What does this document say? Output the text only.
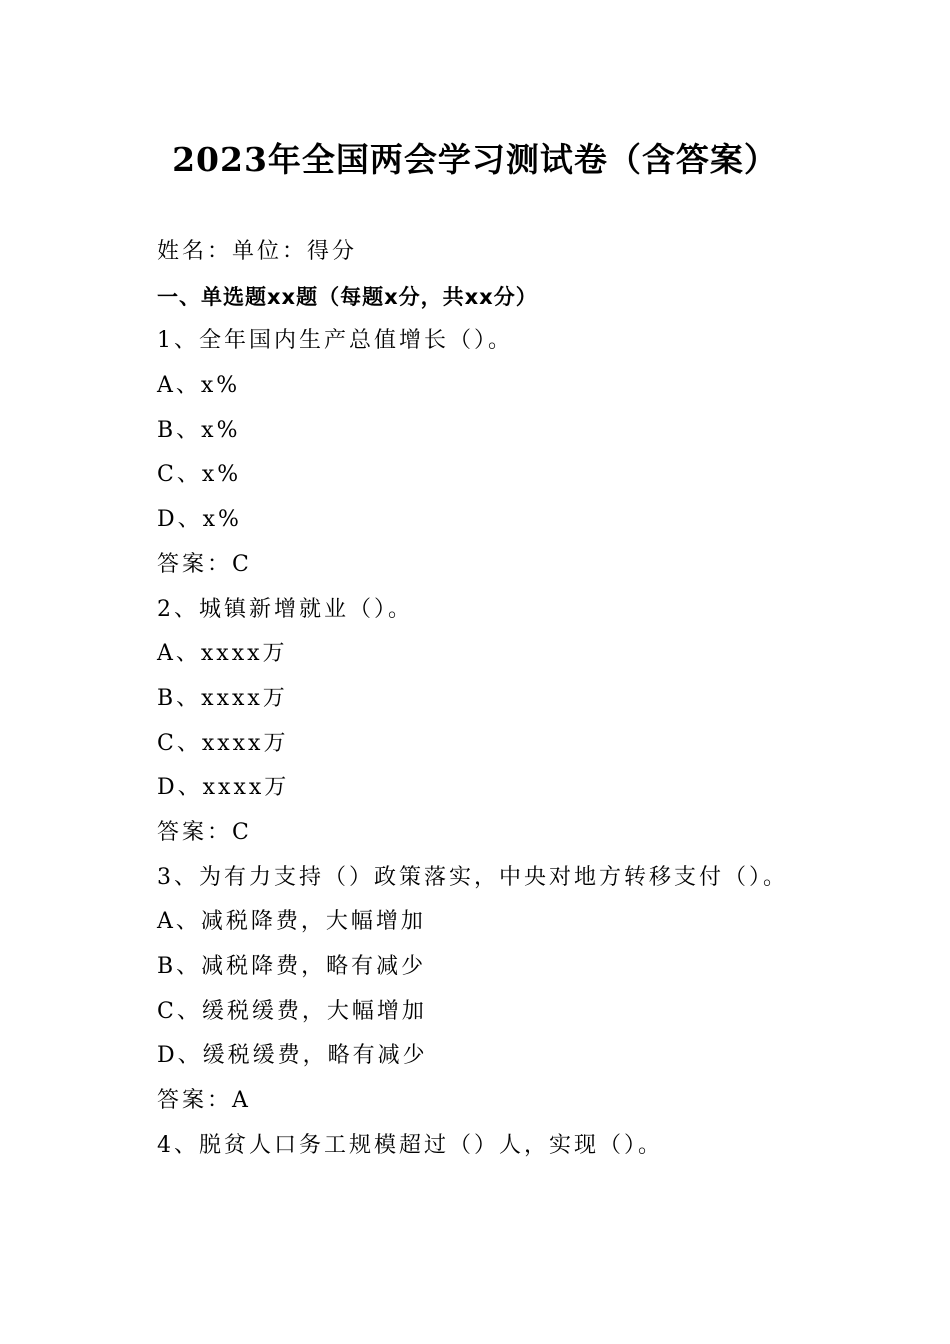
2023年全国两会学习测试卷（含答案）
姓名：单位：得分
一、单选题xx题（每题x分，共xx分）
1、全年国内生产总值增长（）。
A、x%
B、x%
C、x%
D、x%
答案：C
2、城镇新增就业（）。
A、xxxx万
B、xxxx万
C、xxxx万
D、xxxx万
答案：C
3、为有力支持（）政策落实，中央对地方转移支付（）。
A、减税降费，大幅增加
B、减税降费，略有减少
C、缓税缓费，大幅增加
D、缓税缓费，略有减少
答案：A
4、脱贫人口务工规模超过（）人，实现（）。
